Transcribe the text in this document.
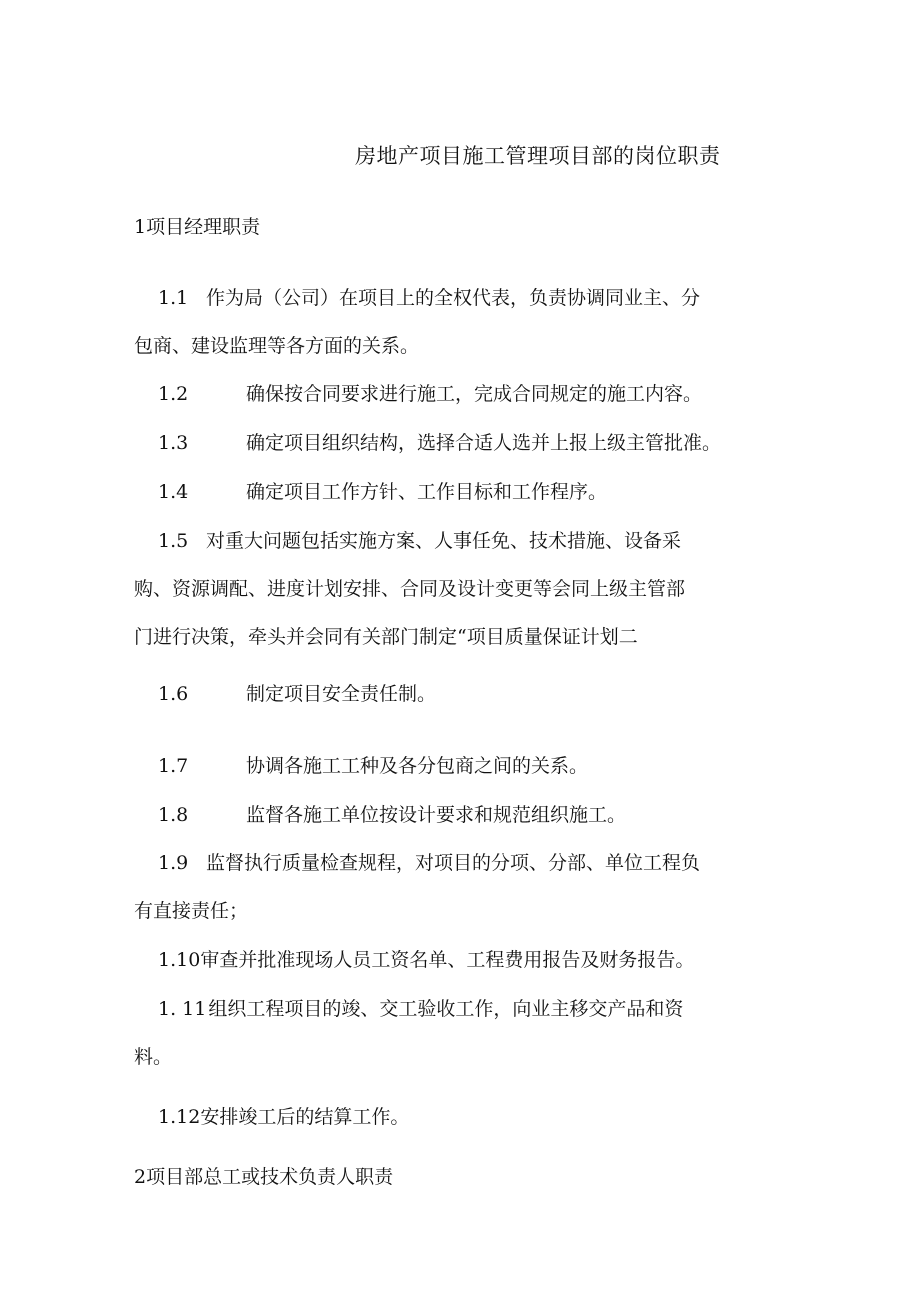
房地产项目施工管理项目部的岗位职责
1项目经理职责
1.1 作为局（公司）在项目上的全权代表，负责协调同业主、分
包商、建设监理等各方面的关系。
1.2	确保按合同要求进行施工，完成合同规定的施工内容。
1.3	确定项目组织结构，选择合适人选并上报上级主管批准。
1.4	确定项目工作方针、工作目标和工作程序。
1.5 对重大问题包括实施方案、人事任免、技术措施、设备采
购、资源调配、进度计划安排、合同及设计变更等会同上级主管部
门进行决策，牵头并会同有关部门制定“项目质量保证计划二
1.6	制定项目安全责任制。
1.7	协调各施工工种及各分包商之间的关系。
1.8	监督各施工单位按设计要求和规范组织施工。
1.9 监督执行质量检查规程，对项目的分项、分部、单位工程负
有直接责任；
1.10审查并批准现场人员工资名单、工程费用报告及财务报告。
1. 11 组织工程项目的竣、交工验收工作，向业主移交产品和资
料。
1.12安排竣工后的结算工作。
2项目部总工或技术负责人职责
